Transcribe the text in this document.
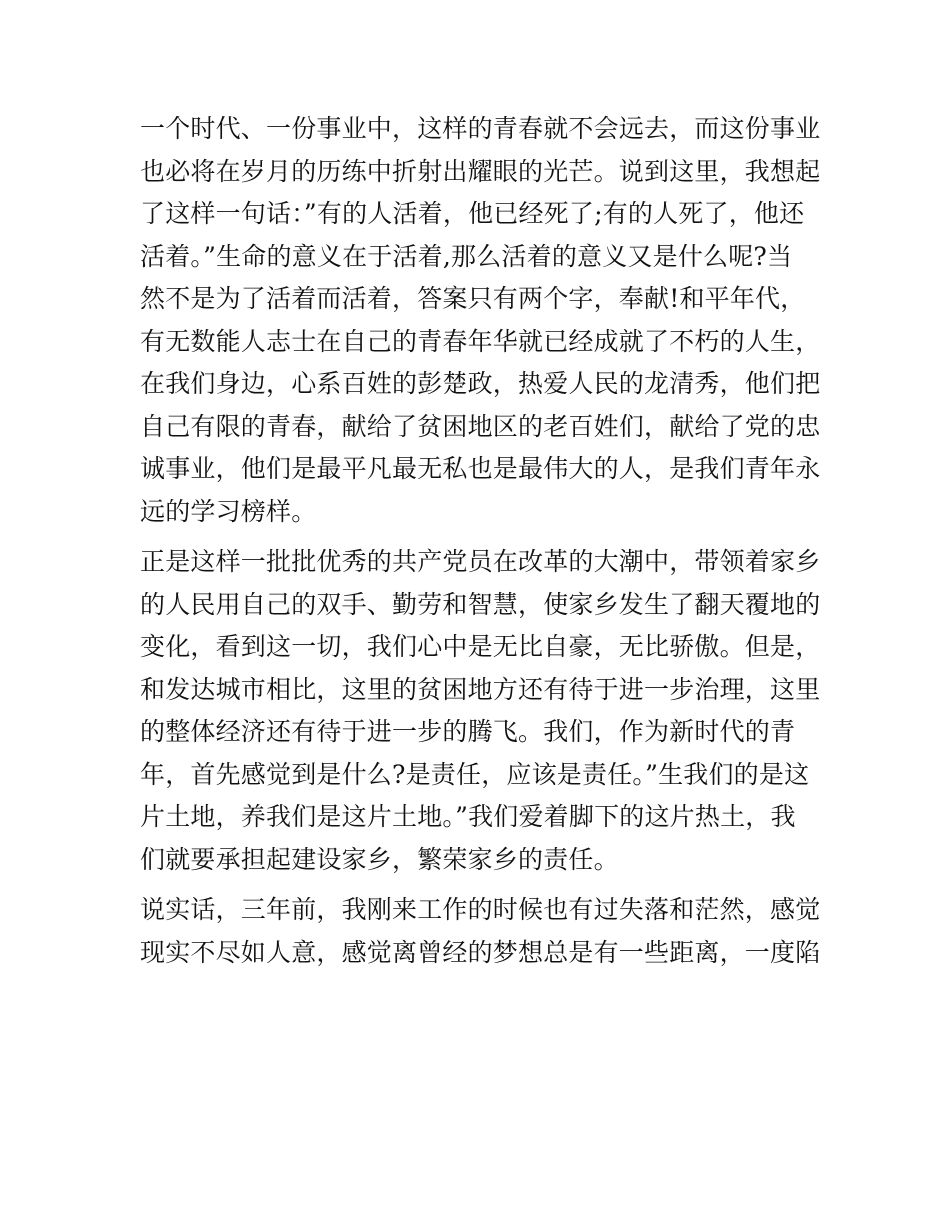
一个时代、一份事业中，这样的青春就不会远去，而这份事业
也必将在岁月的历练中折射出耀眼的光芒。说到这里，我想起
了这样一句话：”有的人活着，他已经死了;有的人死了，他还
活着。”生命的意义在于活着,那么活着的意义又是什么呢?当
然不是为了活着而活着，答案只有两个字，奉献!和平年代，
有无数能人志士在自己的青春年华就已经成就了不朽的人生，
在我们身边，心系百姓的彭楚政，热爱人民的龙清秀，他们把
自己有限的青春，献给了贫困地区的老百姓们，献给了党的忠
诚事业，他们是最平凡最无私也是最伟大的人，是我们青年永
远的学习榜样。
正是这样一批批优秀的共产党员在改革的大潮中，带领着家乡
的人民用自己的双手、勤劳和智慧，使家乡发生了翻天覆地的
变化，看到这一切，我们心中是无比自豪，无比骄傲。但是，
和发达城市相比，这里的贫困地方还有待于进一步治理，这里
的整体经济还有待于进一步的腾飞。我们，作为新时代的青
年，首先感觉到是什么?是责任，应该是责任。”生我们的是这
片土地，养我们是这片土地。”我们爱着脚下的这片热土，我
们就要承担起建设家乡，繁荣家乡的责任。
说实话，三年前，我刚来工作的时候也有过失落和茫然，感觉
现实不尽如人意，感觉离曾经的梦想总是有一些距离，一度陷
